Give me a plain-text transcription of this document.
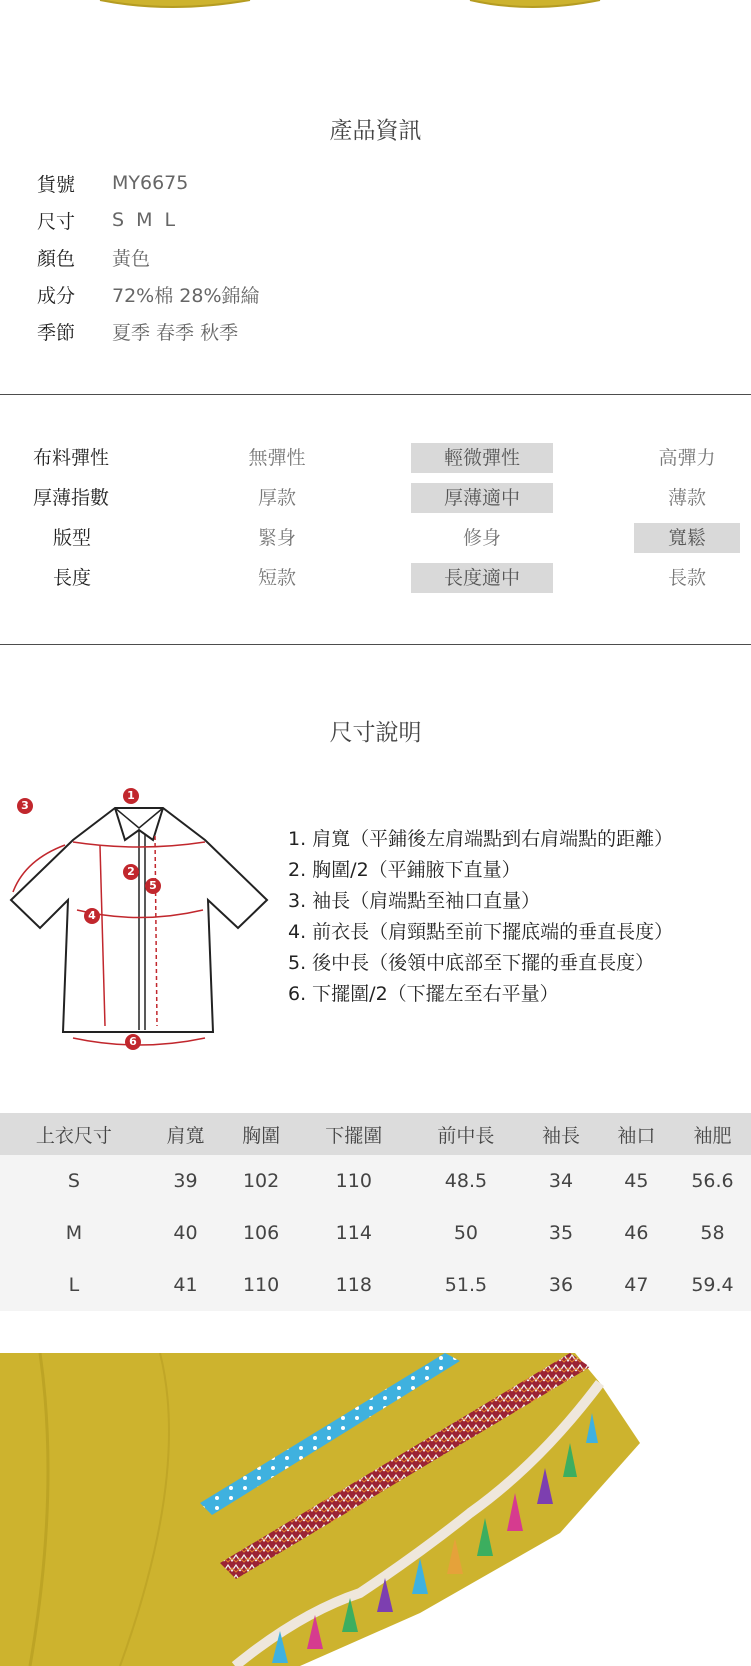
產品資訊
貨號	MY6675
尺寸	S M L
顏色	黃色
成分	72%棉 28%錦綸
季節	夏季 春季 秋季
布料彈性	無彈性	輕微彈性	高彈力
厚薄指數	厚款	厚薄適中	薄款
版型	緊身	修身	寬鬆
長度	短款	長度適中	長款
尺寸說明
1
2
3
4
5
6
1. 肩寬（平鋪後左肩端點到右肩端點的距離）
2. 胸圍/2（平鋪腋下直量）
3. 袖長（肩端點至袖口直量）
4. 前衣長（肩頸點至前下擺底端的垂直長度）
5. 後中長（後領中底部至下擺的垂直長度）
6. 下擺圍/2（下擺左至右平量）
上衣尺寸	肩寬	胸圍	下擺圍	前中長	袖長	袖口	袖肥
S	39	102	110	48.5	34	45	56.6
M	40	106	114	50	35	46	58
L	41	110	118	51.5	36	47	59.4
